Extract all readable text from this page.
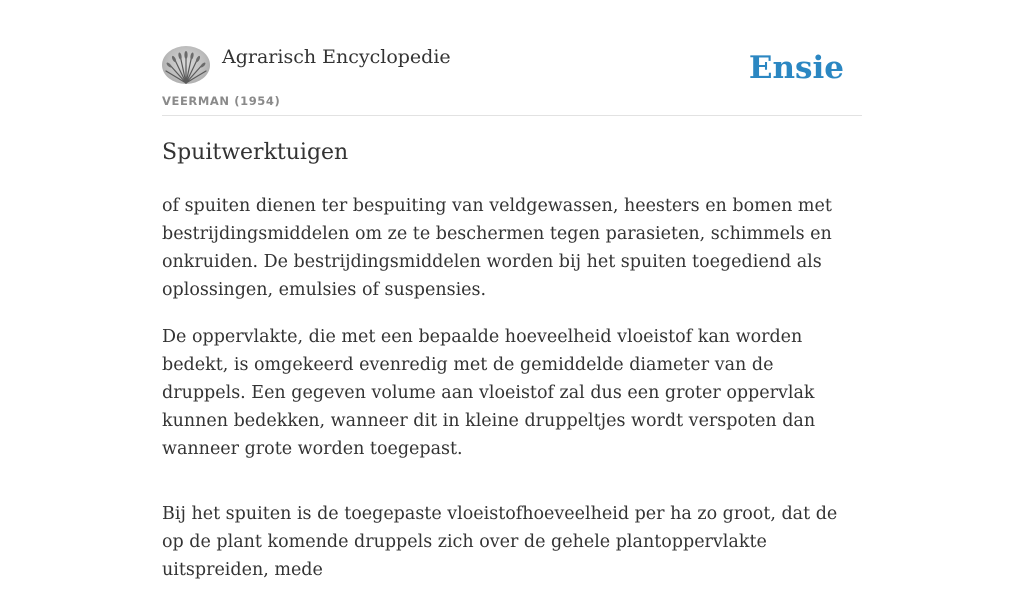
Agrarisch Encyclopedie
VEERMAN (1954)
Ensie
Spuitwerktuigen

of spuiten dienen ter bespuiting van veldgewassen, heesters en bomen met bestrijdingsmiddelen om ze te beschermen tegen parasieten, schimmels en onkruiden. De bestrijdingsmiddelen worden bij het spuiten toegediend als oplossingen, emulsies of suspensies.

De oppervlakte, die met een bepaalde hoeveelheid vloeistof kan worden bedekt, is omgekeerd evenredig met de gemiddelde diameter van de druppels. Een gegeven volume aan vloeistof zal dus een groter oppervlak kunnen bedekken, wanneer dit in kleine druppeltjes wordt verspoten dan wanneer grote worden toegepast.

Bij het spuiten is de toegepaste vloeistofhoeveelheid per ha zo groot, dat de op de plant komende druppels zich over de gehele plantoppervlakte uitspreiden, mede
